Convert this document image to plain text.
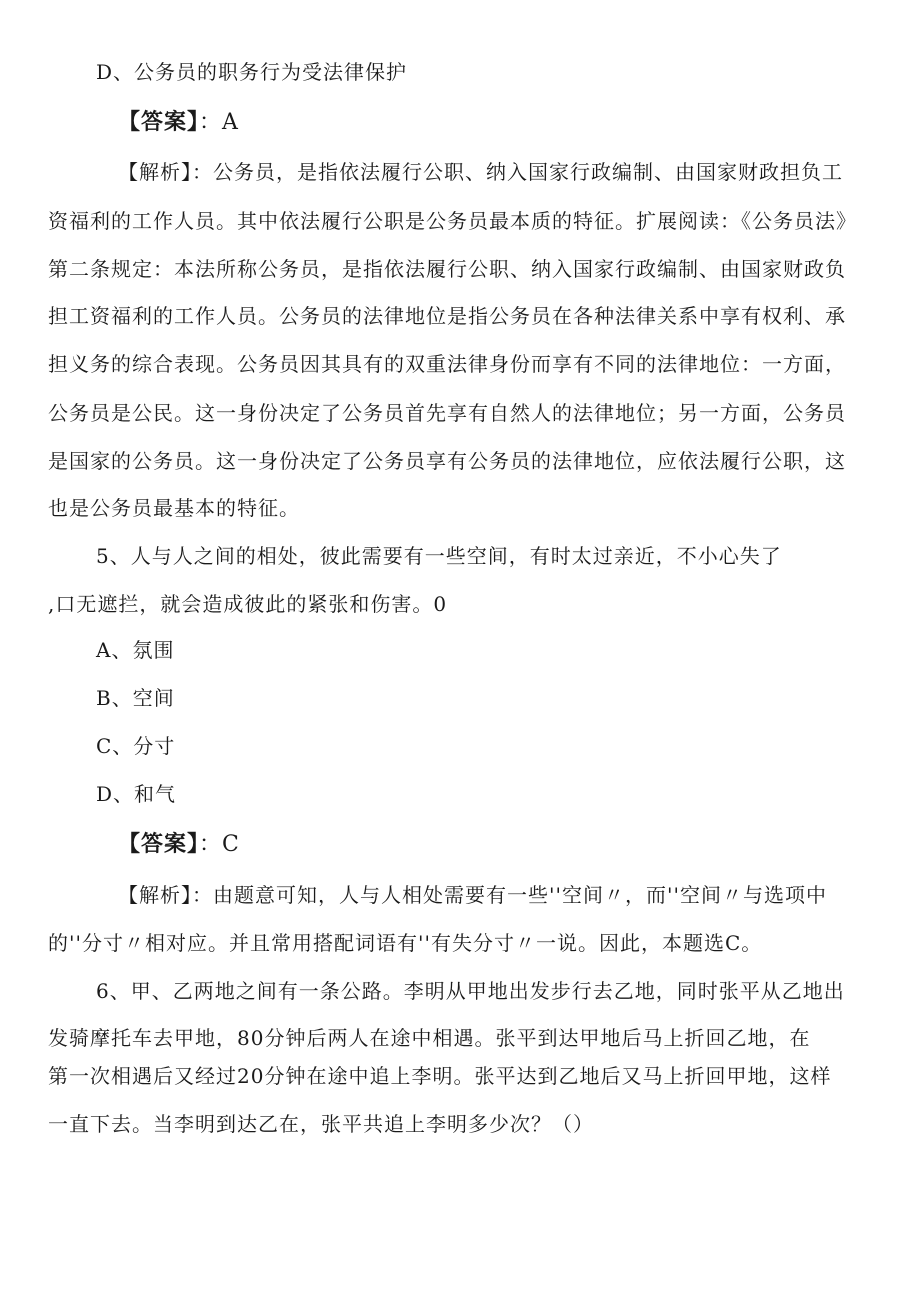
D、公务员的职务行为受法律保护
【答案】：A
【解析】：公务员，是指依法履行公职、纳入国家行政编制、由国家财政担负工
资福利的工作人员。其中依法履行公职是公务员最本质的特征。扩展阅读：《公务员法》
第二条规定：本法所称公务员，是指依法履行公职、纳入国家行政编制、由国家财政负
担工资福利的工作人员。公务员的法律地位是指公务员在各种法律关系中享有权利、承
担义务的综合表现。公务员因其具有的双重法律身份而享有不同的法律地位：一方面，
公务员是公民。这一身份决定了公务员首先享有自然人的法律地位；另一方面，公务员
是国家的公务员。这一身份决定了公务员享有公务员的法律地位，应依法履行公职，这
也是公务员最基本的特征。
5、人与人之间的相处，彼此需要有一些空间，有时太过亲近，不小心失了
,口无遮拦，就会造成彼此的紧张和伤害。0
A、氛围
B、空间
C、分寸
D、和气
【答案】：C
【解析】：由题意可知，人与人相处需要有一些''空间〃，而''空间〃与选项中
的''分寸〃相对应。并且常用搭配词语有''有失分寸〃一说。因此，本题选C。
6、甲、乙两地之间有一条公路。李明从甲地出发步行去乙地，同时张平从乙地出
发骑摩托车去甲地，80分钟后两人在途中相遇。张平到达甲地后马上折回乙地，在
第一次相遇后又经过20分钟在途中追上李明。张平达到乙地后又马上折回甲地，这样
一直下去。当李明到达乙在，张平共追上李明多少次？（）
